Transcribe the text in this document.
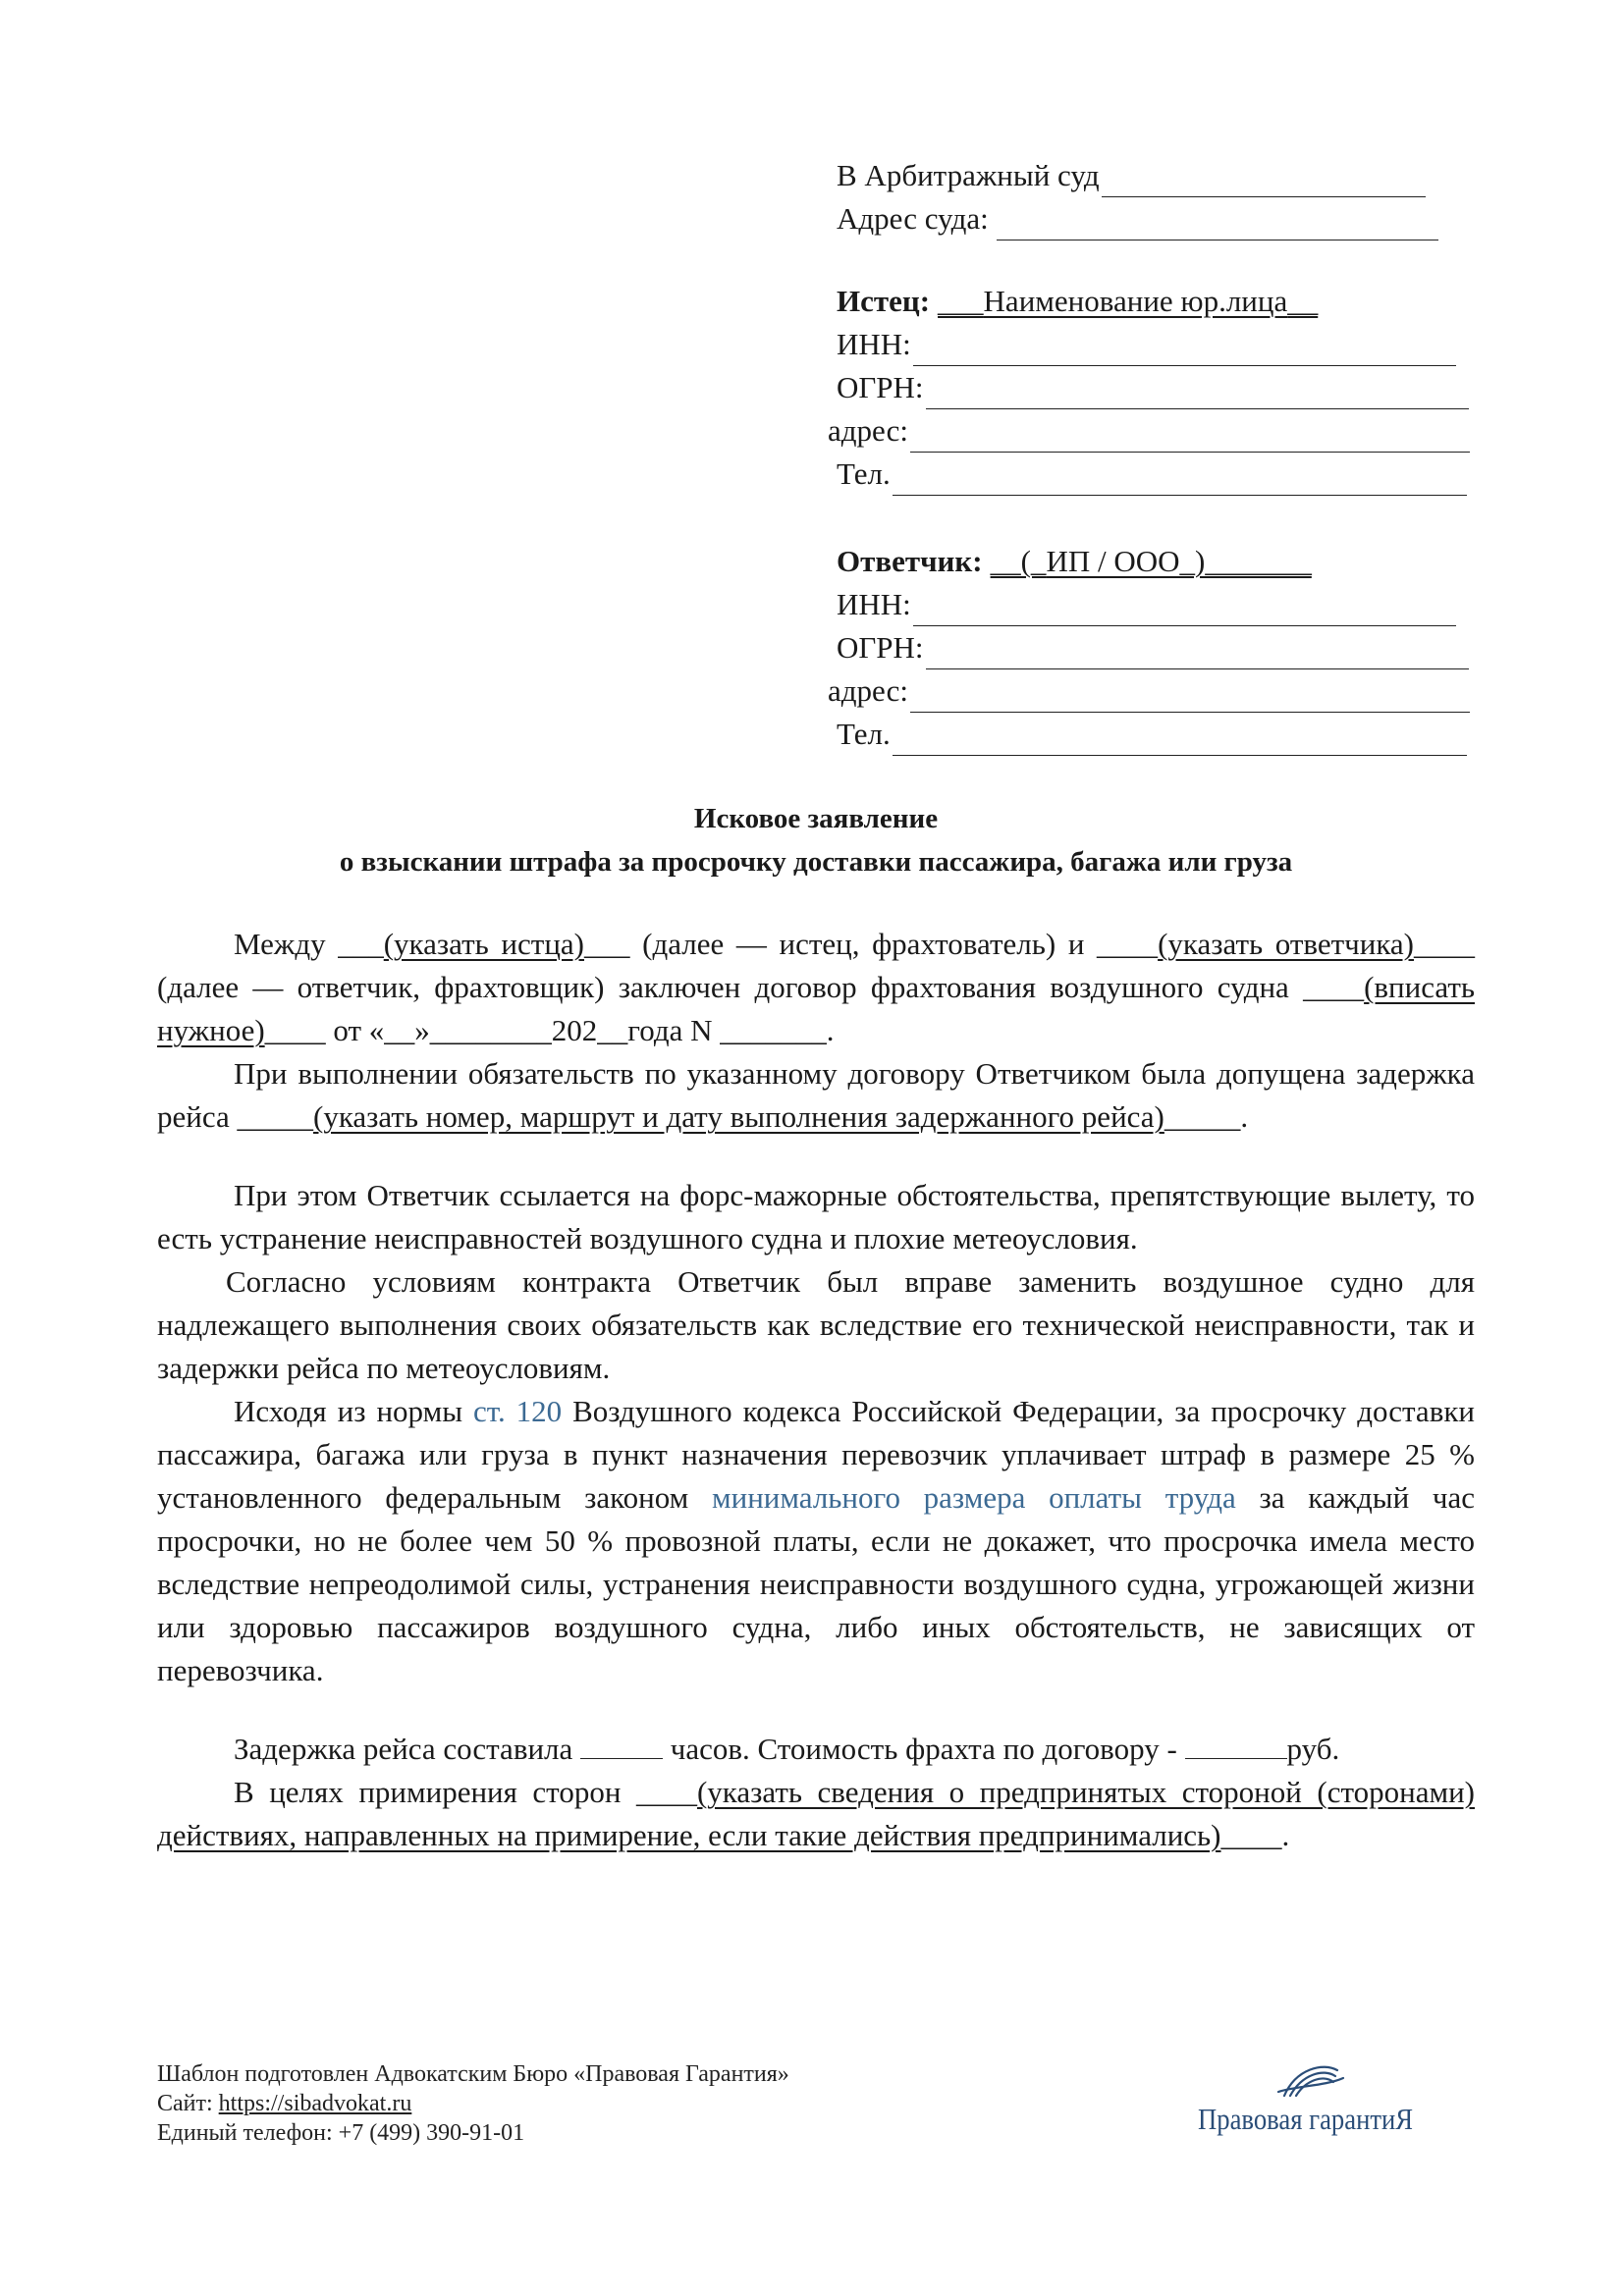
В Арбитражный суд
Адрес суда:
Истец: ___Наименование юр.лица__
ИНН:
ОГРН:
адрес:
Тел.
Ответчик: __(_ИП / ООО_)_______
ИНН:
ОГРН:
адрес:
Тел.
Исковое заявление
о взыскании штрафа за просрочку доставки пассажира, багажа или груза

Между ___(указать истца)___ (далее — истец, фрахтователь) и ____(указать ответчика)____ (далее — ответчик, фрахтовщик) заключен договор фрахтования воздушного судна ____(вписать нужное)____ от «__»________202__года N _______.

При выполнении обязательств по указанному договору Ответчиком была допущена задержка рейса _____(указать номер, маршрут и дату выполнения задержанного рейса)_____.

При этом Ответчик ссылается на форс-мажорные обстоятельства, препятствующие вылету, то есть устранение неисправностей воздушного судна и плохие метеоусловия.

Согласно условиям контракта Ответчик был вправе заменить воздушное судно для надлежащего выполнения своих обязательств как вследствие его технической неисправности, так и задержки рейса по метеоусловиям.

Исходя из нормы ст. 120 Воздушного кодекса Российской Федерации, за просрочку доставки пассажира, багажа или груза в пункт назначения перевозчик уплачивает штраф в размере 25 % установленного федеральным законом минимального размера оплаты труда за каждый час просрочки, но не более чем 50 % провозной платы, если не докажет, что просрочка имела место вследствие непреодолимой силы, устранения неисправности воздушного судна, угрожающей жизни или здоровью пассажиров воздушного судна, либо иных обстоятельств, не зависящих от перевозчика.

Задержка рейса составила	часов. Стоимость фрахта по договору -	руб.

В целях примирения сторон ____(указать сведения о предпринятых стороной (сторонами) действиях, направленных на примирение, если такие действия предпринимались)____.

Шаблон подготовлен Адвокатским Бюро «Правовая Гарантия»
Сайт: https://sibadvokat.ru
Единый телефон: +7 (499) 390-91-01	Правовая гарантиЯ
